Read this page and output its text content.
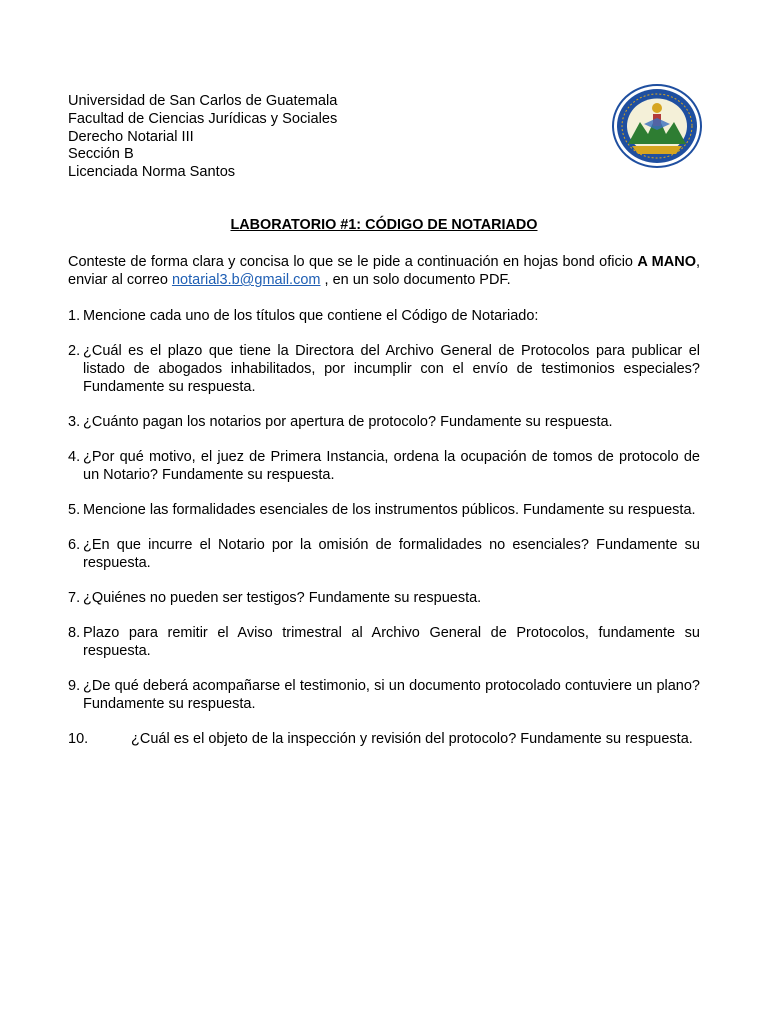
Universidad de San Carlos de Guatemala
Facultad de Ciencias Jurídicas y Sociales
Derecho Notarial III
Sección B
Licenciada Norma Santos
LABORATORIO #1: CÓDIGO DE NOTARIADO
Conteste de forma clara y concisa lo que se le pide a continuación en hojas bond oficio A MANO, enviar al correo notarial3.b@gmail.com , en un solo documento PDF.
1. Mencione cada uno de los títulos que contiene el Código de Notariado:
2. ¿Cuál es el plazo que tiene la Directora del Archivo General de Protocolos para publicar el listado de abogados inhabilitados, por incumplir con el envío de testimonios especiales? Fundamente su respuesta.
3. ¿Cuánto pagan los notarios por apertura de protocolo? Fundamente su respuesta.
4. ¿Por qué motivo, el juez de Primera Instancia, ordena la ocupación de tomos de protocolo de un Notario? Fundamente su respuesta.
5. Mencione las formalidades esenciales de los instrumentos públicos. Fundamente su respuesta.
6. ¿En que incurre el Notario por la omisión de formalidades no esenciales? Fundamente su respuesta.
7. ¿Quiénes no pueden ser testigos? Fundamente su respuesta.
8. Plazo para remitir el Aviso trimestral al Archivo General de Protocolos, fundamente su respuesta.
9. ¿De qué deberá acompañarse el testimonio, si un documento protocolado contuviere un plano? Fundamente su respuesta.
10.	¿Cuál es el objeto de la inspección y revisión del protocolo? Fundamente su respuesta.
